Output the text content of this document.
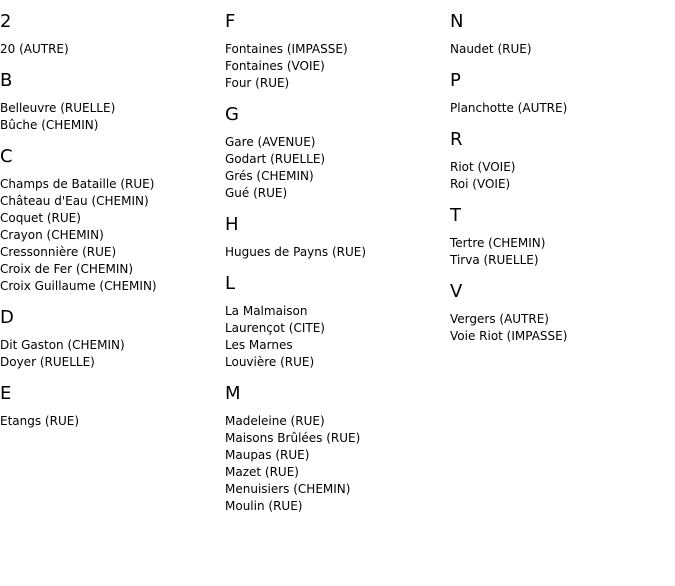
2
20 (AUTRE)
B
Belleuvre (RUELLE)
Bûche (CHEMIN)
C
Champs de Bataille (RUE)
Château d'Eau (CHEMIN)
Coquet (RUE)
Crayon (CHEMIN)
Cressonnière (RUE)
Croix de Fer (CHEMIN)
Croix Guillaume (CHEMIN)
D
Dit Gaston (CHEMIN)
Doyer (RUELLE)
E
Etangs (RUE)
F
Fontaines (IMPASSE)
Fontaines (VOIE)
Four (RUE)
G
Gare (AVENUE)
Godart (RUELLE)
Grés (CHEMIN)
Gué (RUE)
H
Hugues de Payns (RUE)
L
La Malmaison
Laurençot (CITE)
Les Marnes
Louvière (RUE)
M
Madeleine (RUE)
Maisons Brûlées (RUE)
Maupas (RUE)
Mazet (RUE)
Menuisiers (CHEMIN)
Moulin (RUE)
N
Naudet (RUE)
P
Planchotte (AUTRE)
R
Riot (VOIE)
Roi (VOIE)
T
Tertre (CHEMIN)
Tirva (RUELLE)
V
Vergers (AUTRE)
Voie Riot (IMPASSE)
